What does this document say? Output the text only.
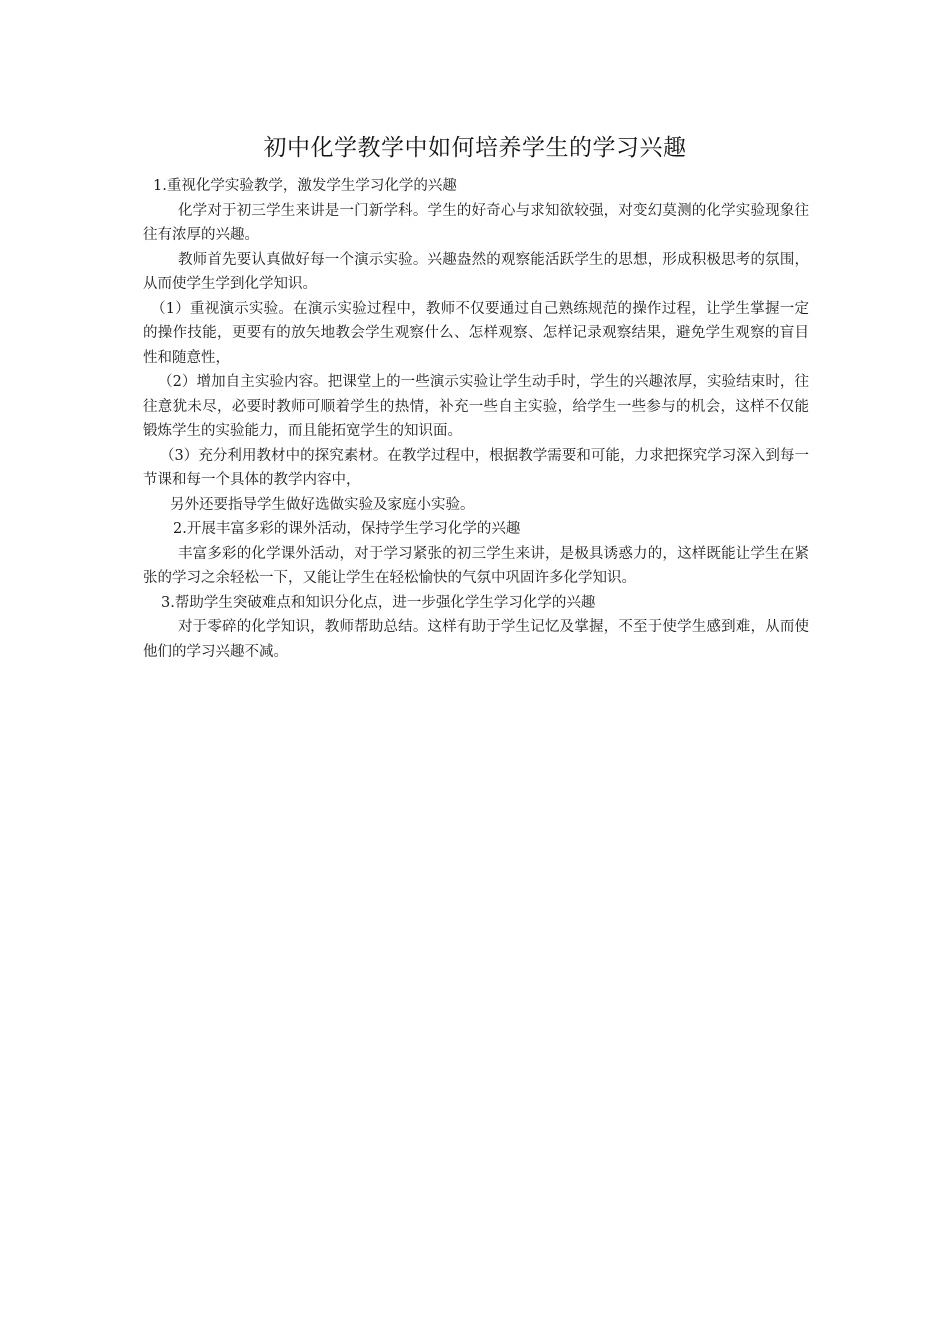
初中化学教学中如何培养学生的学习兴趣

1.重视化学实验教学，激发学生学习化学的兴趣

化学对于初三学生来讲是一门新学科。学生的好奇心与求知欲较强，对变幻莫测的化学实验现象往往有浓厚的兴趣。

教师首先要认真做好每一个演示实验。兴趣盎然的观察能活跃学生的思想，形成积极思考的氛围，从而使学生学到化学知识。

（1）重视演示实验。在演示实验过程中，教师不仅要通过自己熟练规范的操作过程，让学生掌握一定的操作技能，更要有的放矢地教会学生观察什么、怎样观察、怎样记录观察结果，避免学生观察的盲目性和随意性，

（2）增加自主实验内容。把课堂上的一些演示实验让学生动手时，学生的兴趣浓厚，实验结束时，往往意犹未尽，必要时教师可顺着学生的热情，补充一些自主实验，给学生一些参与的机会，这样不仅能锻炼学生的实验能力，而且能拓宽学生的知识面。

（3）充分利用教材中的探究素材。在教学过程中，根据教学需要和可能，力求把探究学习深入到每一节课和每一个具体的教学内容中，

另外还要指导学生做好选做实验及家庭小实验。

2.开展丰富多彩的课外活动，保持学生学习化学的兴趣

丰富多彩的化学课外活动，对于学习紧张的初三学生来讲，是极具诱惑力的，这样既能让学生在紧张的学习之余轻松一下，又能让学生在轻松愉快的气氛中巩固许多化学知识。

3.帮助学生突破难点和知识分化点，进一步强化学生学习化学的兴趣

对于零碎的化学知识，教师帮助总结。这样有助于学生记忆及掌握，不至于使学生感到难，从而使他们的学习兴趣不减。
